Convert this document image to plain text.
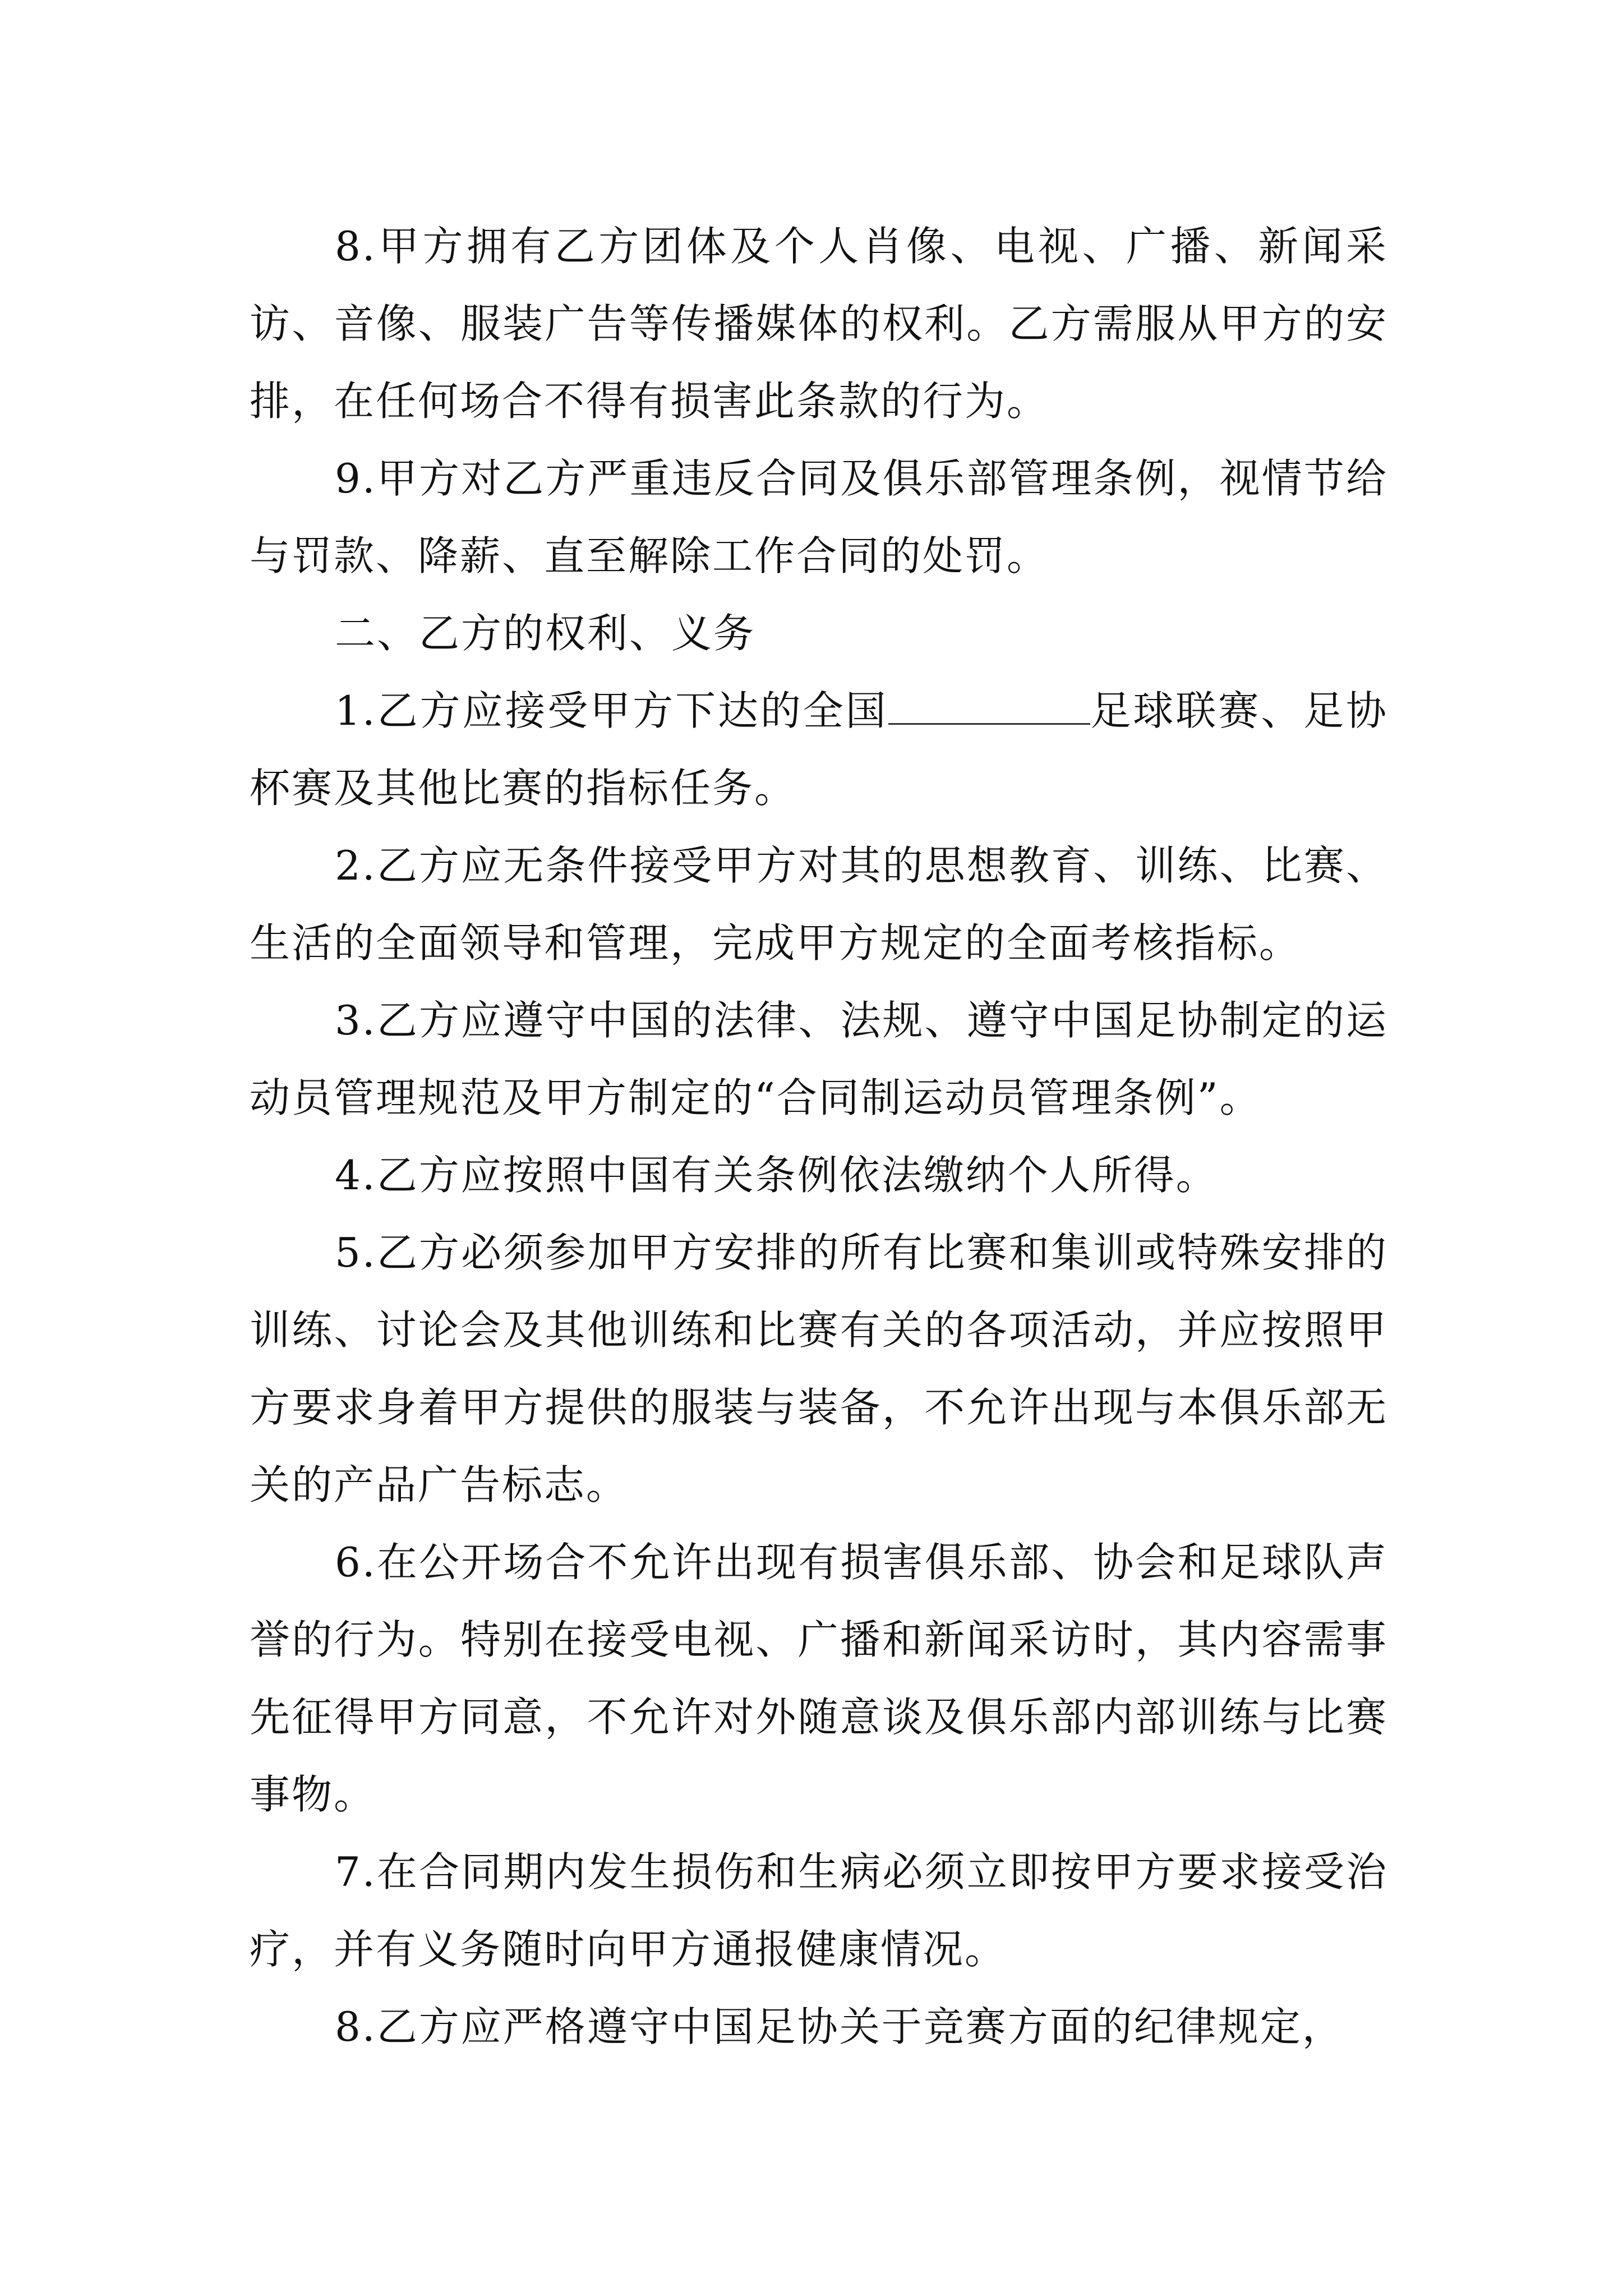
8.甲方拥有乙方团体及个人肖像、电视、广播、新闻采访、音像、服装广告等传播媒体的权利。乙方需服从甲方的安排，在任何场合不得有损害此条款的行为。

9.甲方对乙方严重违反合同及俱乐部管理条例，视情节给与罚款、降薪、直至解除工作合同的处罚。

二、乙方的权利、义务

1.乙方应接受甲方下达的全国	足球联赛、足协杯赛及其他比赛的指标任务。

2.乙方应无条件接受甲方对其的思想教育、训练、比赛、生活的全面领导和管理，完成甲方规定的全面考核指标。

3.乙方应遵守中国的法律、法规、遵守中国足协制定的运动员管理规范及甲方制定的“合同制运动员管理条例”。

4.乙方应按照中国有关条例依法缴纳个人所得。

5.乙方必须参加甲方安排的所有比赛和集训或特殊安排的训练、讨论会及其他训练和比赛有关的各项活动，并应按照甲方要求身着甲方提供的服装与装备，不允许出现与本俱乐部无关的产品广告标志。

6.在公开场合不允许出现有损害俱乐部、协会和足球队声誉的行为。特别在接受电视、广播和新闻采访时，其内容需事先征得甲方同意，不允许对外随意谈及俱乐部内部训练与比赛事物。

7.在合同期内发生损伤和生病必须立即按甲方要求接受治疗，并有义务随时向甲方通报健康情况。

8.乙方应严格遵守中国足协关于竞赛方面的纪律规定，
